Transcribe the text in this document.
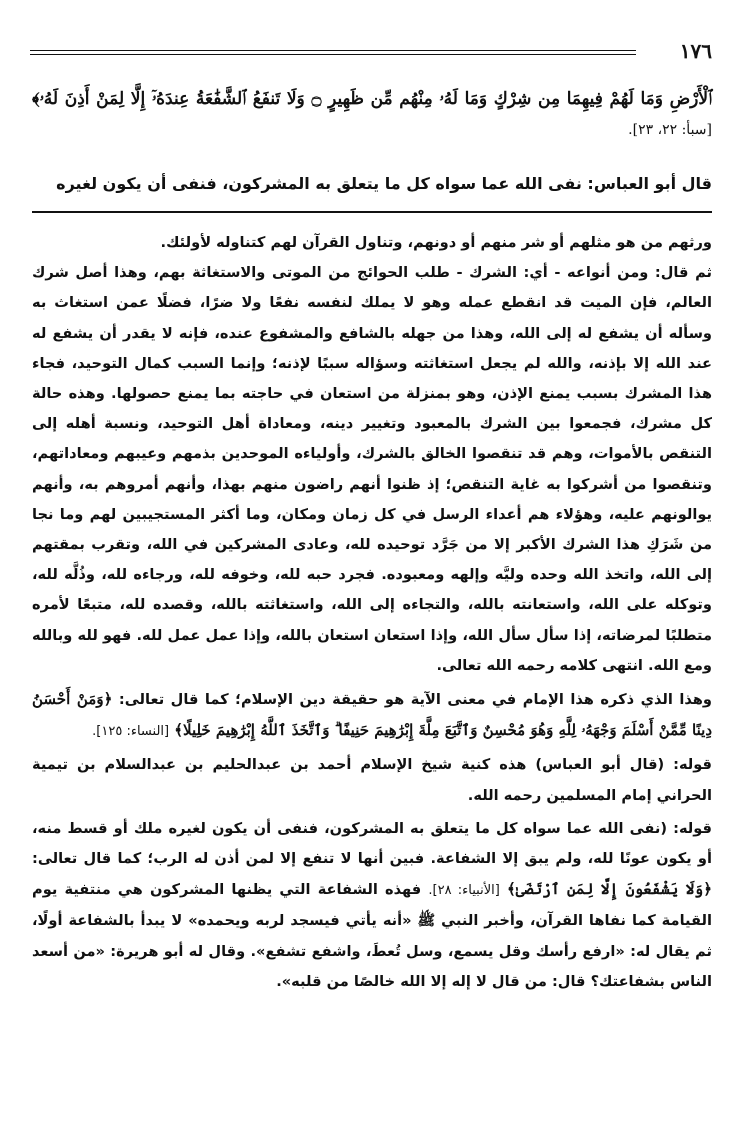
١٧٦
ٱلْأَرْضِ وَمَا لَهُمْ فِيهِمَا مِن شِرْكٍ وَمَا لَهُۥ مِنْهُم مِّن ظَهِيرٍ ۝ وَلَا تَنفَعُ ٱلشَّفَٰعَةُ عِندَهُۥٓ إِلَّا لِمَنْ أَذِنَ لَهُۥ﴾ [سبأ: ٢٢، ٢٣].
قال أبو العباس: نفى الله عما سواه كل ما يتعلق به المشركون، فنفى أن يكون لغيره

ورثهم من هو مثلهم أو شر منهم أو دونهم، وتناول القرآن لهم كتناوله لأولئك.

ثم قال: ومن أنواعه - أي: الشرك - طلب الحوائج من الموتى والاستغاثة بهم، وهذا أصل شرك العالم، فإن الميت قد انقطع عمله وهو لا يملك لنفسه نفعًا ولا ضرًا، فضلًا عمن استغاث به وسأله أن يشفع له إلى الله، وهذا من جهله بالشافع والمشفوع عنده، فإنه لا يقدر أن يشفع له عند الله إلا بإذنه، والله لم يجعل استغاثته وسؤاله سببًا لإذنه؛ وإنما السبب كمال التوحيد، فجاء هذا المشرك بسبب يمنع الإذن، وهو بمنزلة من استعان في حاجته بما يمنع حصولها. وهذه حالة كل مشرك، فجمعوا بين الشرك بالمعبود وتغيير دينه، ومعاداة أهل التوحيد، ونسبة أهله إلى التنقص بالأموات، وهم قد تنقصوا الخالق بالشرك، وأولياءه الموحدين بذمهم وعيبهم ومعاداتهم، وتنقصوا من أشركوا به غاية التنقص؛ إذ ظنوا أنهم راضون منهم بهذا، وأنهم أمروهم به، وأنهم يوالونهم عليه، وهؤلاء هم أعداء الرسل في كل زمان ومكان، وما أكثر المستجيبين لهم وما نجا من شَرَكِ هذا الشرك الأكبر إلا من جَرَّد توحيده لله، وعادى المشركين في الله، وتقرب بمقتهم إلى الله، واتخذ الله وحده وليَّه وإلهه ومعبوده. فجرد حبه لله، وخوفه لله، ورجاءه لله، وذُلَّه لله، وتوكله على الله، واستعانته بالله، والتجاءه إلى الله، واستغاثته بالله، وقصده لله، متبعًا لأمره متطلبًا لمرضاته، إذا سأل سأل الله، وإذا استعان استعان بالله، وإذا عمل عمل لله. فهو لله وبالله ومع الله. انتهى كلامه رحمه الله تعالى.

وهذا الذي ذكره هذا الإمام في معنى الآية هو حقيقة دين الإسلام؛ كما قال تعالى: ﴿وَمَنْ أَحْسَنُ دِينًا مِّمَّنْ أَسْلَمَ وَجْهَهُۥ لِلَّهِ وَهُوَ مُحْسِنٌ وَٱتَّبَعَ مِلَّةَ إِبْرَٰهِيمَ حَنِيفًا ۗ وَٱتَّخَذَ ٱللَّهُ إِبْرَٰهِيمَ خَلِيلًا﴾ [النساء: ١٢٥].

قوله: (قال أبو العباس) هذه كنية شيخ الإسلام أحمد بن عبدالحليم بن عبدالسلام بن تيمية الحراني إمام المسلمين رحمه الله.

قوله: (نفى الله عما سواه كل ما يتعلق به المشركون، فنفى أن يكون لغيره ملك أو قسط منه، أو يكون عونًا لله، ولم يبق إلا الشفاعة. فبين أنها لا تنفع إلا لمن أذن له الرب؛ كما قال تعالى: ﴿وَلَا يَشْفَعُونَ إِلَّا لِمَنِ ٱرْتَضَىٰ﴾ [الأنبياء: ٢٨]. فهذه الشفاعة التي يظنها المشركون هي منتفية يوم القيامة كما نفاها القرآن، وأخبر النبي ﷺ «أنه يأتي فيسجد لربه ويحمده» لا يبدأ بالشفاعة أولًا، ثم يقال له: «ارفع رأسك وقل يسمع، وسل تُعطَ، واشفع تشفع». وقال له أبو هريرة: «من أسعد الناس بشفاعتك؟ قال: من قال لا إله إلا الله خالصًا من قلبه».
